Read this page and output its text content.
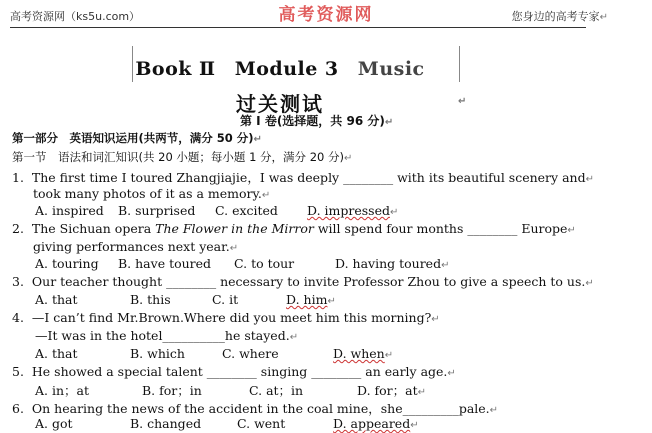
高考资源网（ks5u.com）	高考资源网	您身边的高考专家↵
Book Ⅱ Module 3 Music
过关测试	↵
第 I 卷(选择题，共 96 分)↵
第一部分　英语知识运用(共两节，满分 50 分)↵
第一节　语法和词汇知识(共 20 小题；每小题 1 分，满分 20 分)↵
1. The first time I toured Zhangjiajie，I was deeply ________ with its beautiful scenery and↵
took many photos of it as a memory.↵
A. inspired B. surprised C. excited D. impressed↵
2. The Sichuan opera The Flower in the Mirror will spend four months ________ Europe↵
giving performances next year.↵
A. touring B. have toured C. to tour	D. having toured↵
3. Our teacher thought ________ necessary to invite Professor Zhou to give a speech to us.↵
A. that	B. this	C. it	D. him↵
4. —I can’t find Mr.Brown.Where did you meet him this morning?↵
—It was in the hotel__________he stayed.↵
A. that	B. which	C. where	D. when↵
5. He showed a special talent ________ singing ________ an early age.↵
A. in；at	B. for；in	C. at；in	D. for；at↵
6. On hearing the news of the accident in the coal mine，she_________pale.↵
A. got	B. changed	C. went	D. appeared↵
